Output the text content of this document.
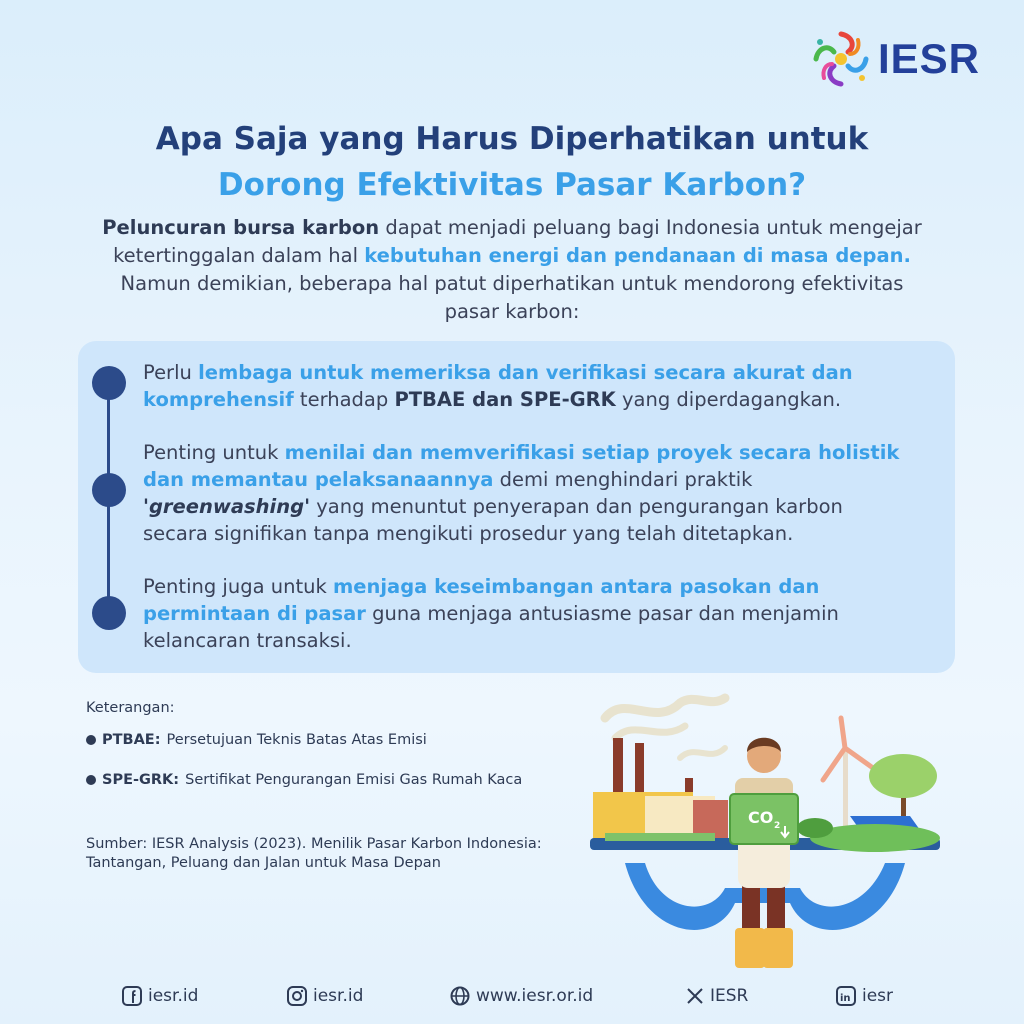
IESR
Apa Saja yang Harus Diperhatikan untuk
Dorong Efektivitas Pasar Karbon?

Peluncuran bursa karbon dapat menjadi peluang bagi Indonesia untuk mengejar ketertinggalan dalam hal kebutuhan energi dan pendanaan di masa depan. Namun demikian, beberapa hal patut diperhatikan untuk mendorong efektivitas pasar karbon:

Perlu lembaga untuk memeriksa dan verifikasi secara akurat dan komprehensif terhadap PTBAE dan SPE-GRK yang diperdagangkan.

Penting untuk menilai dan memverifikasi setiap proyek secara holistik dan memantau pelaksanaannya demi menghindari praktik 'greenwashing' yang menuntut penyerapan dan pengurangan karbon secara signifikan tanpa mengikuti prosedur yang telah ditetapkan.

Penting juga untuk menjaga keseimbangan antara pasokan dan permintaan di pasar guna menjaga antusiasme pasar dan menjamin kelancaran transaksi.

Keterangan:
PTBAE: Persetujuan Teknis Batas Atas Emisi
SPE-GRK: Sertifikat Pengurangan Emisi Gas Rumah Kaca
Sumber: IESR Analysis (2023). Menilik Pasar Karbon Indonesia:
Tantangan, Peluang dan Jalan untuk Masa Depan
CO 2
iesr.id	iesr.id	www.iesr.or.id	IESR	in iesr
